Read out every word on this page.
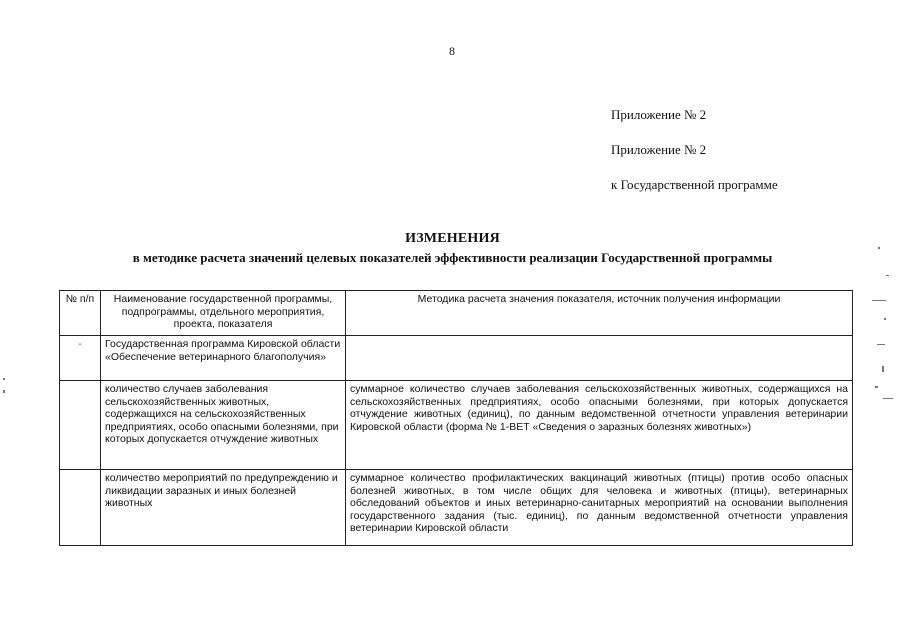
8
Приложение № 2
Приложение № 2
к Государственной программе
ИЗМЕНЕНИЯ
в методике расчета значений целевых показателей эффективности реализации Государственной программы
№ п/п	Наименование государственной программы, подпрограммы, отдельного мероприятия, проекта, показателя	Методика расчета значения показателя, источник получения информации
-	Государственная программа Кировской области «Обеспечение ветеринарного благополучия»	
	количество случаев заболевания сельскохозяйственных животных, содержащихся на сельскохозяйственных предприятиях, особо опасными болезнями, при которых допускается отчуждение животных	суммарное количество случаев заболевания сельскохозяйственных животных, содержащихся на сельскохозяйственных предприятиях, особо опасными болезнями, при которых допускается отчуждение животных (единиц), по данным ведомственной отчетности управления ветеринарии Кировской области (форма № 1-ВЕТ «Сведения о заразных болезнях животных»)
	количество мероприятий по предупреждению и ликвидации заразных и иных болезней животных	суммарное количество профилактических вакцинаций животных (птицы) против особо опасных болезней животных, в том числе общих для человека и животных (птицы), ветеринарных обследований объектов и иных ветеринарно-санитарных мероприятий на основании выполнения государственного задания (тыс. единиц), по данным ведомственной отчетности управления ветеринарии Кировской области
